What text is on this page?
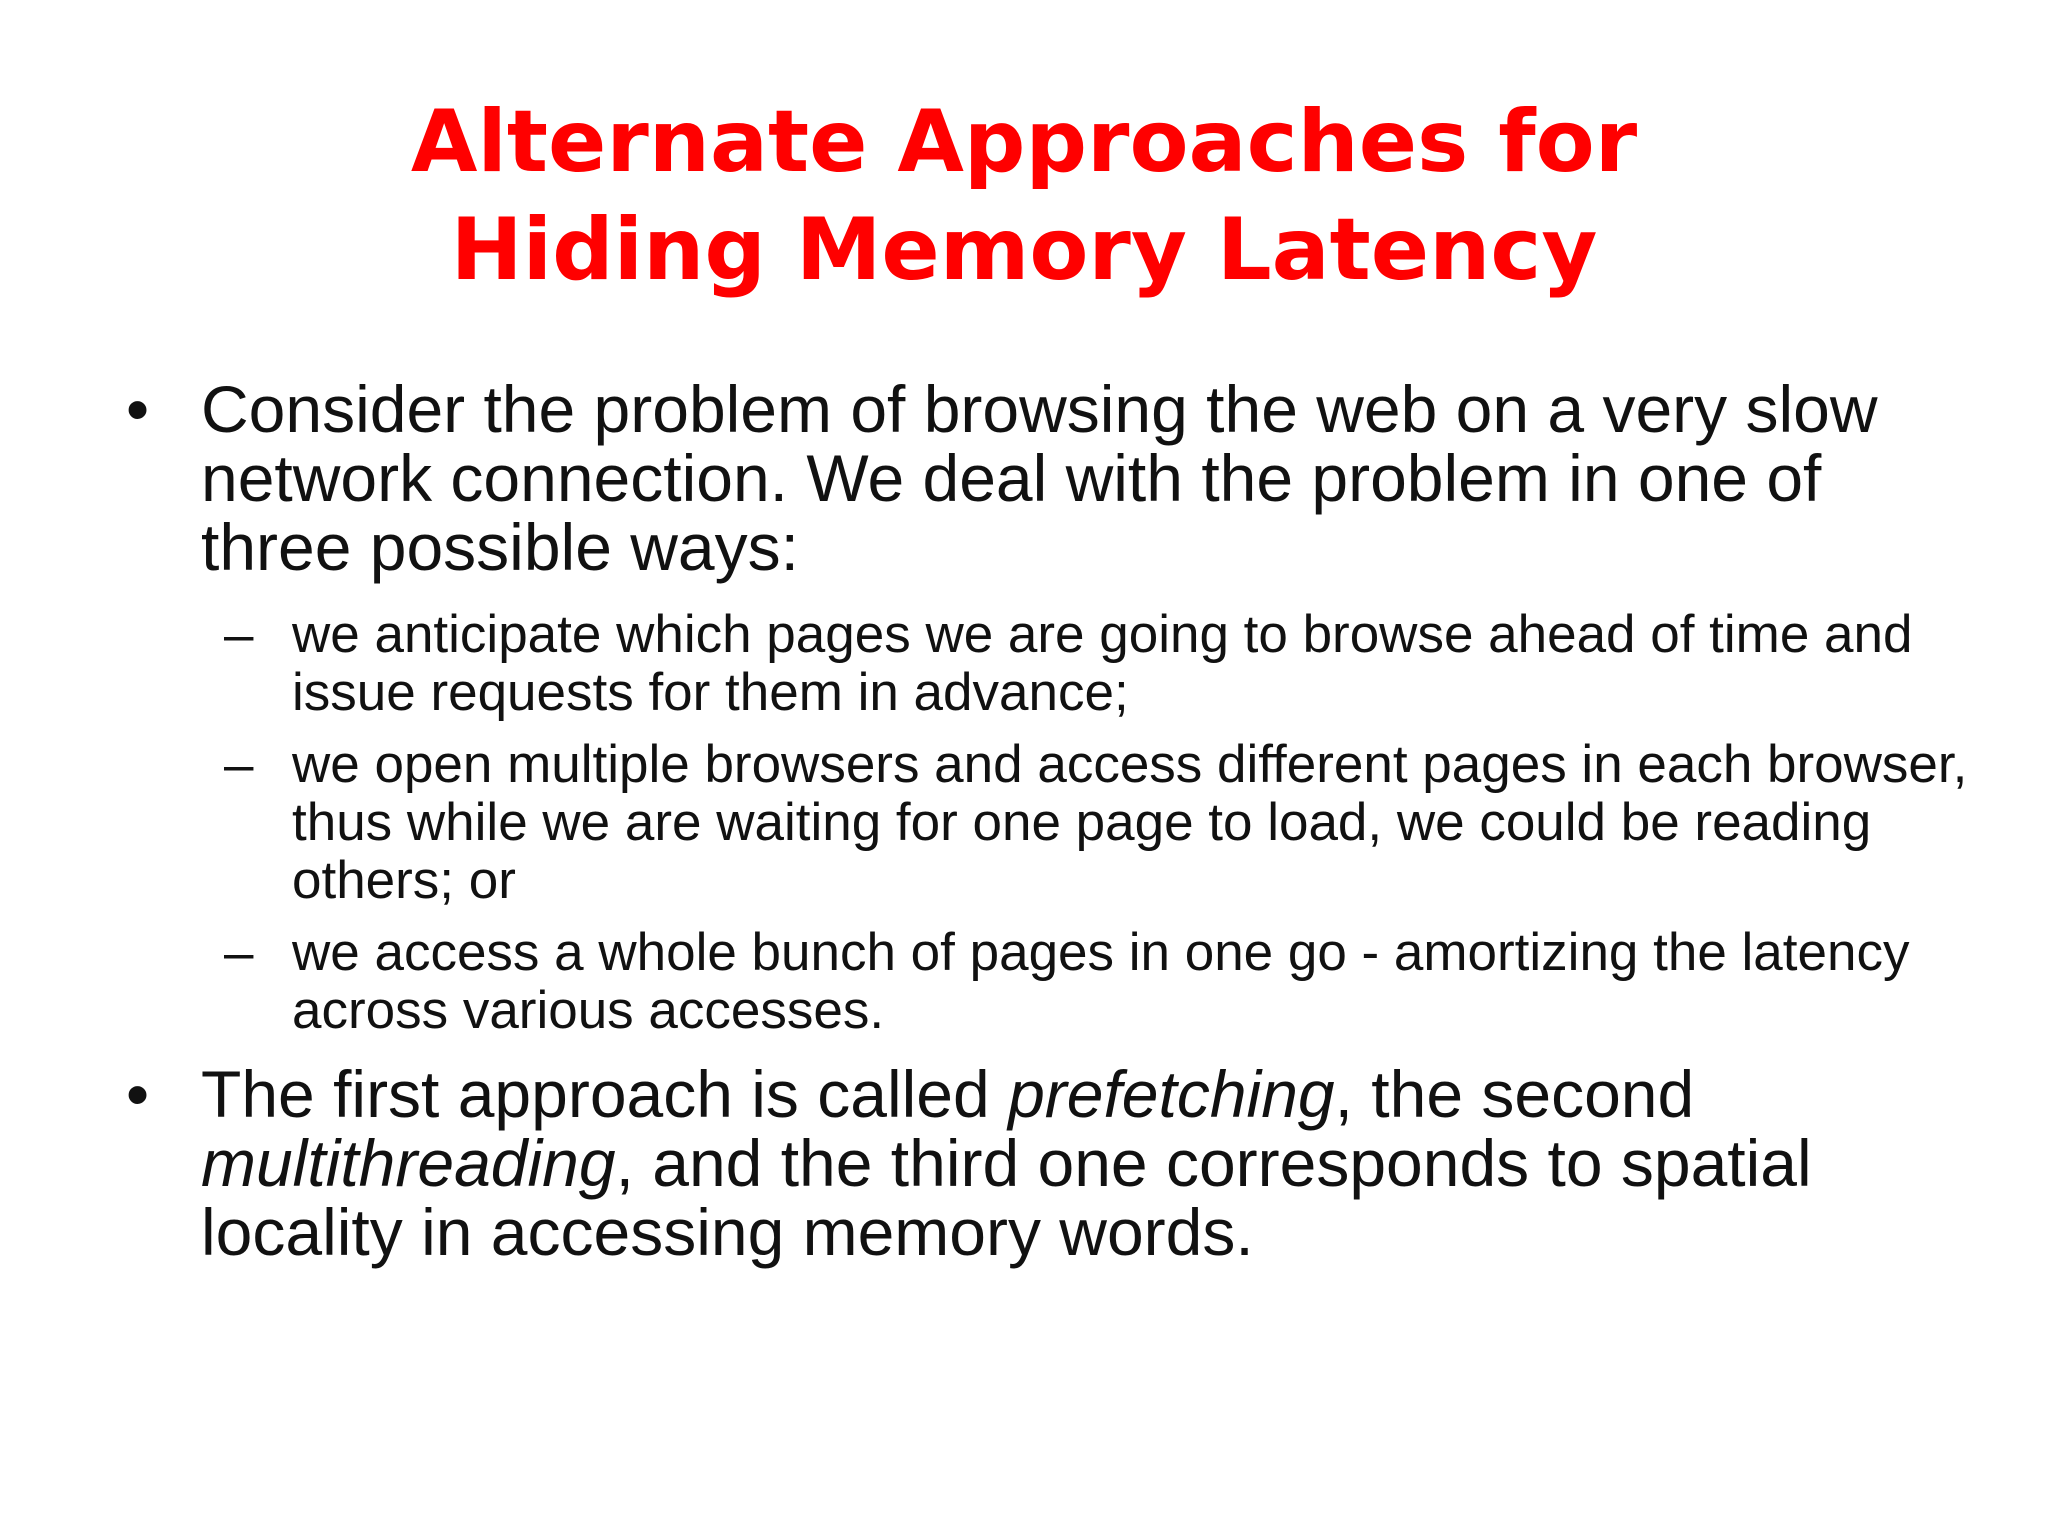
Alternate Approaches for
Hiding Memory Latency
• Consider the problem of browsing the web on a very slow network connection. We deal with the problem in one of three possible ways:
– we anticipate which pages we are going to browse ahead of time and issue requests for them in advance;
– we open multiple browsers and access different pages in each browser, thus while we are waiting for one page to load, we could be reading others; or
– we access a whole bunch of pages in one go - amortizing the latency across various accesses.
• The first approach is called prefetching, the second multithreading, and the third one corresponds to spatial locality in accessing memory words.
